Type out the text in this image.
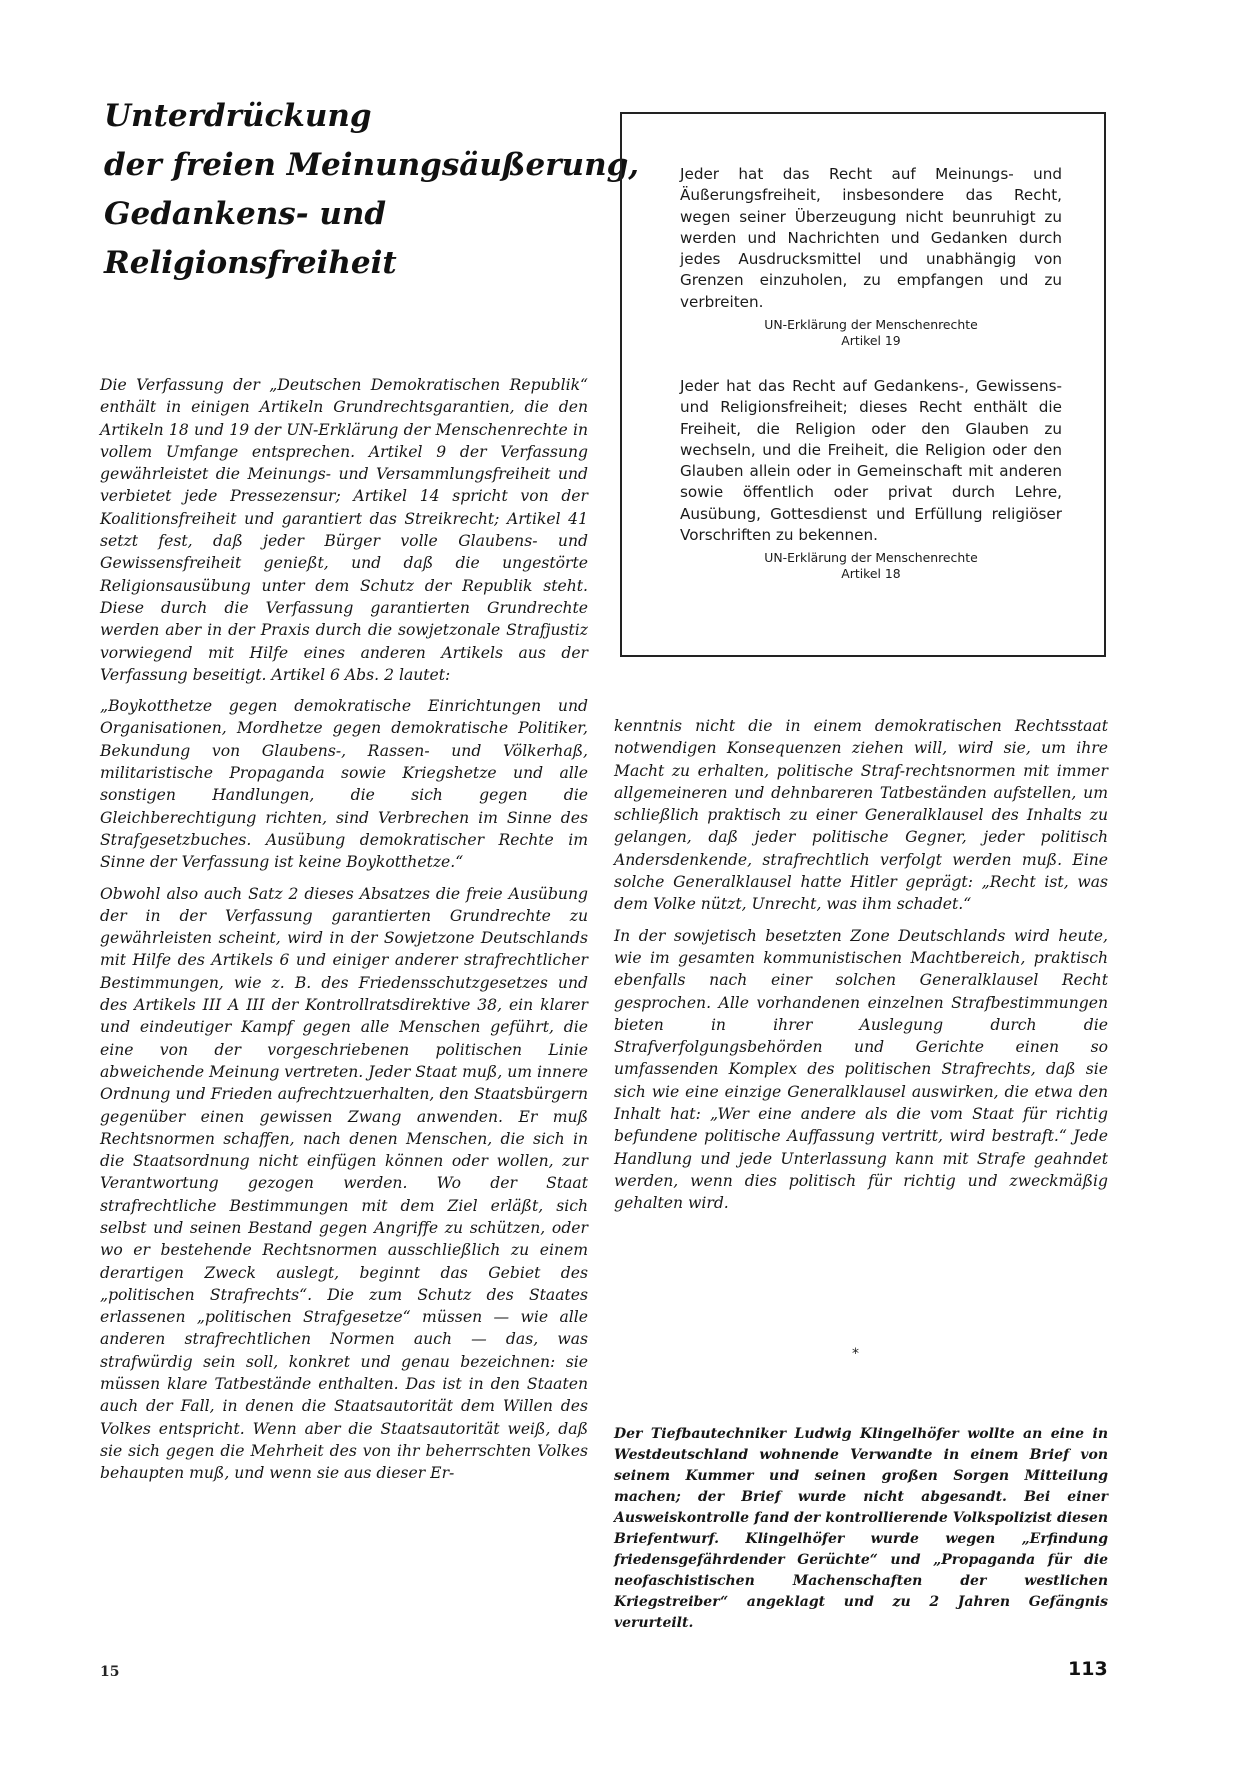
Unterdrückung
der freien Meinungsäußerung,
Gedankens- und
Religionsfreiheit

Jeder hat das Recht auf Meinungs- und Äußerungsfreiheit, insbesondere das Recht, wegen seiner Überzeugung nicht beunruhigt zu werden und Nachrichten und Gedanken durch jedes Ausdrucksmittel und unabhängig von Grenzen einzuholen, zu empfangen und zu verbreiten.

UN-Erklärung der Menschenrechte
Artikel 19

Jeder hat das Recht auf Gedankens-, Gewissens- und Religionsfreiheit; dieses Recht enthält die Freiheit, die Religion oder den Glauben zu wechseln, und die Freiheit, die Religion oder den Glauben allein oder in Gemeinschaft mit anderen sowie öffentlich oder privat durch Lehre, Ausübung, Gottesdienst und Erfüllung religiöser Vorschriften zu bekennen.

UN-Erklärung der Menschenrechte
Artikel 18

Die Verfassung der „Deutschen Demokratischen Republik“ enthält in einigen Artikeln Grundrechtsgarantien, die den Artikeln 18 und 19 der UN-Erklärung der Menschenrechte in vollem Umfange entsprechen. Artikel 9 der Verfassung gewährleistet die Meinungs- und Versammlungsfreiheit und verbietet jede Pressezensur; Artikel 14 spricht von der Koalitionsfreiheit und garantiert das Streikrecht; Artikel 41 setzt fest, daß jeder Bürger volle Glaubens- und Gewissensfreiheit genießt, und daß die ungestörte Religionsausübung unter dem Schutz der Republik steht. Diese durch die Verfassung garantierten Grundrechte werden aber in der Praxis durch die sowjetzonale Strafjustiz vorwiegend mit Hilfe eines anderen Artikels aus der Verfassung beseitigt. Artikel 6 Abs. 2 lautet:

„Boykotthetze gegen demokratische Einrichtungen und Organisationen, Mordhetze gegen demokratische Politiker, Bekundung von Glaubens-, Rassen- und Völkerhaß, militaristische Propaganda sowie Kriegshetze und alle sonstigen Handlungen, die sich gegen die Gleichberechtigung richten, sind Verbrechen im Sinne des Strafgesetzbuches. Ausübung demokratischer Rechte im Sinne der Verfassung ist keine Boykotthetze.“

Obwohl also auch Satz 2 dieses Absatzes die freie Ausübung der in der Verfassung garantierten Grundrechte zu gewährleisten scheint, wird in der Sowjetzone Deutschlands mit Hilfe des Artikels 6 und einiger anderer strafrechtlicher Bestimmungen, wie z. B. des Friedensschutzgesetzes und des Artikels III A III der Kontrollratsdirektive 38, ein klarer und eindeutiger Kampf gegen alle Menschen geführt, die eine von der vorgeschriebenen politischen Linie abweichende Meinung vertreten. Jeder Staat muß, um innere Ordnung und Frieden aufrechtzuerhalten, den Staatsbürgern gegenüber einen gewissen Zwang anwenden. Er muß Rechtsnormen schaffen, nach denen Menschen, die sich in die Staatsordnung nicht einfügen können oder wollen, zur Verantwortung gezogen werden. Wo der Staat strafrechtliche Bestimmungen mit dem Ziel erläßt, sich selbst und seinen Bestand gegen Angriffe zu schützen, oder wo er bestehende Rechtsnormen ausschließlich zu einem derartigen Zweck auslegt, beginnt das Gebiet des „politischen Strafrechts“. Die zum Schutz des Staates erlassenen „politischen Strafgesetze“ müssen — wie alle anderen strafrechtlichen Normen auch — das, was strafwürdig sein soll, konkret und genau bezeichnen: sie müssen klare Tatbestände enthalten. Das ist in den Staaten auch der Fall, in denen die Staatsautorität dem Willen des Volkes entspricht. Wenn aber die Staatsautorität weiß, daß sie sich gegen die Mehrheit des von ihr beherrschten Volkes behaupten muß, und wenn sie aus dieser Er-

kenntnis nicht die in einem demokratischen Rechtsstaat notwendigen Konsequenzen ziehen will, wird sie, um ihre Macht zu erhalten, politische Straf-rechtsnormen mit immer allgemeineren und dehnbareren Tatbeständen aufstellen, um schließlich praktisch zu einer Generalklausel des Inhalts zu gelangen, daß jeder politische Gegner, jeder politisch Andersdenkende, strafrechtlich verfolgt werden muß. Eine solche Generalklausel hatte Hitler geprägt: „Recht ist, was dem Volke nützt, Unrecht, was ihm schadet.“

In der sowjetisch besetzten Zone Deutschlands wird heute, wie im gesamten kommunistischen Machtbereich, praktisch ebenfalls nach einer solchen Generalklausel Recht gesprochen. Alle vorhandenen einzelnen Strafbestimmungen bieten in ihrer Auslegung durch die Strafverfolgungsbehörden und Gerichte einen so umfassenden Komplex des politischen Strafrechts, daß sie sich wie eine einzige Generalklausel auswirken, die etwa den Inhalt hat: „Wer eine andere als die vom Staat für richtig befundene politische Auffassung vertritt, wird bestraft.“ Jede Handlung und jede Unterlassung kann mit Strafe geahndet werden, wenn dies politisch für richtig und zweckmäßig gehalten wird.

*

Der Tiefbautechniker Ludwig Klingelhöfer wollte an eine in Westdeutschland wohnende Verwandte in einem Brief von seinem Kummer und seinen großen Sorgen Mitteilung machen; der Brief wurde nicht abgesandt. Bei einer Ausweiskontrolle fand der kontrollierende Volkspolizist diesen Briefentwurf. Klingelhöfer wurde wegen „Erfindung friedensgefährdender Gerüchte“ und „Propaganda für die neofaschistischen Machenschaften der westlichen Kriegstreiber“ angeklagt und zu 2 Jahren Gefängnis verurteilt.

15	113
